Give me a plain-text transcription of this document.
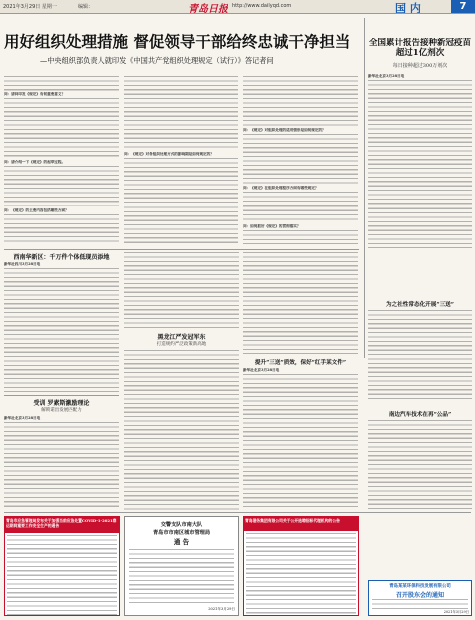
2021年3月29日 星期一	编辑：	青岛日报 http://www.dailyqd.com	国 内	7
用好组织处理措施 督促领导干部给终忠诚干净担当
—中央组织部负责人就印发《中国共产党组织处理规定（试行）》答记者问
问：请问印发《规定》有何重要意义？
问：请介绍一下《规定》的起草过程。
问：《规定》的主要内容包括哪些方面？
问：《规定》对各组织处理方式的影响期是如何规定的？
问：《规定》对组织处理的适用情形是如何规定的？
问：《规定》在组织处理程序方面有哪些规定？
问：如何抓好《规定》的贯彻落实？
全国累计报告接种新冠疫苗超过1亿剂次
每日接种超过300万剂次
新华社北京3月28日电
西南华新区：千万件个体低现员添地
新华社四川3月28日电
受训 罗素斯激励理论
解锁诺出发展匹配力
新华社北京3月28日电
黑龙江严发冠军东
打造规约严泛政策新高地
提升“三送”质效，保好“红手某文件”
新华社北京3月28日电
为之社性常态化开展“三送”
南边汽车技术在再“公品”
青岛市应急管理局发布关于加强当前应急处置COVID-1-2021春运期间重要工作安全生产的通告	交警支队市南大队
青岛市市南区城市管理局
通 告
2021年3月29日
青岛港务集团有限公司关于公开选聘招标代理机构的公告
青岛某某环保科技发展有限公司
召开股东会的通知
2021年3月29日
